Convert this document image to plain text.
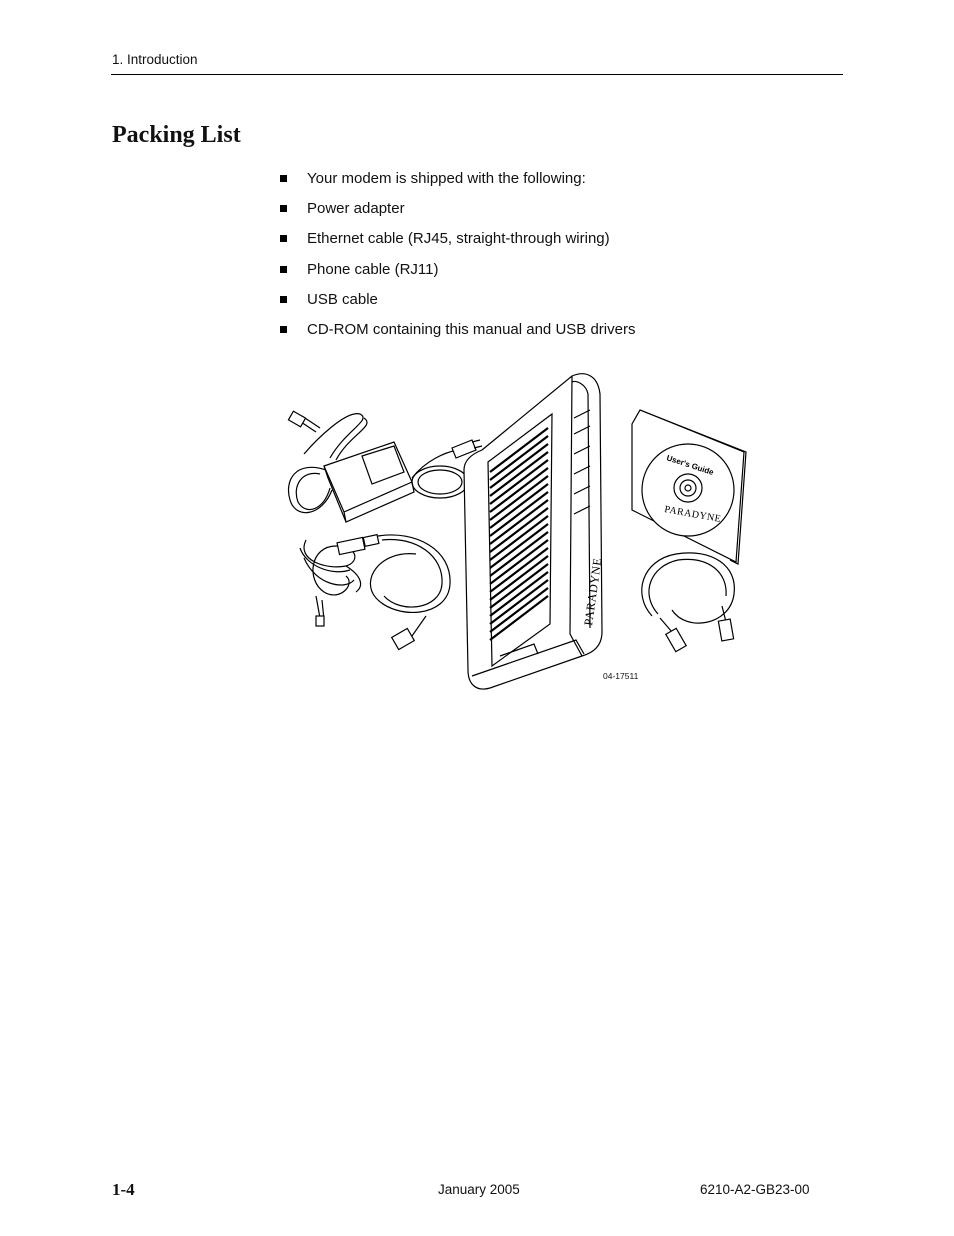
1. Introduction
Packing List
Your modem is shipped with the following:
Power adapter
Ethernet cable (RJ45, straight-through wiring)
Phone cable (RJ11)
USB cable
CD-ROM containing this manual and USB drivers
User's Guide
PARADYNE
PARADYNE
04-17511
1-4	January 2005	6210-A2-GB23-00
